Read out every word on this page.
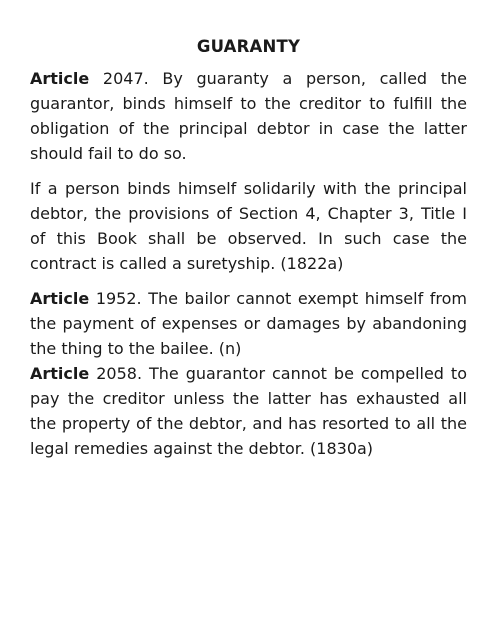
GUARANTY

Article 2047. By guaranty a person, called the guarantor, binds himself to the creditor to fulfill the obligation of the principal debtor in case the latter should fail to do so.

If a person binds himself solidarily with the principal debtor, the provisions of Section 4, Chapter 3, Title I of this Book shall be observed. In such case the contract is called a suretyship. (1822a)

Article 1952. The bailor cannot exempt himself from the payment of expenses or damages by abandoning the thing to the bailee. (n)

Article 2058. The guarantor cannot be compelled to pay the creditor unless the latter has exhausted all the property of the debtor, and has resorted to all the legal remedies against the debtor. (1830a)
